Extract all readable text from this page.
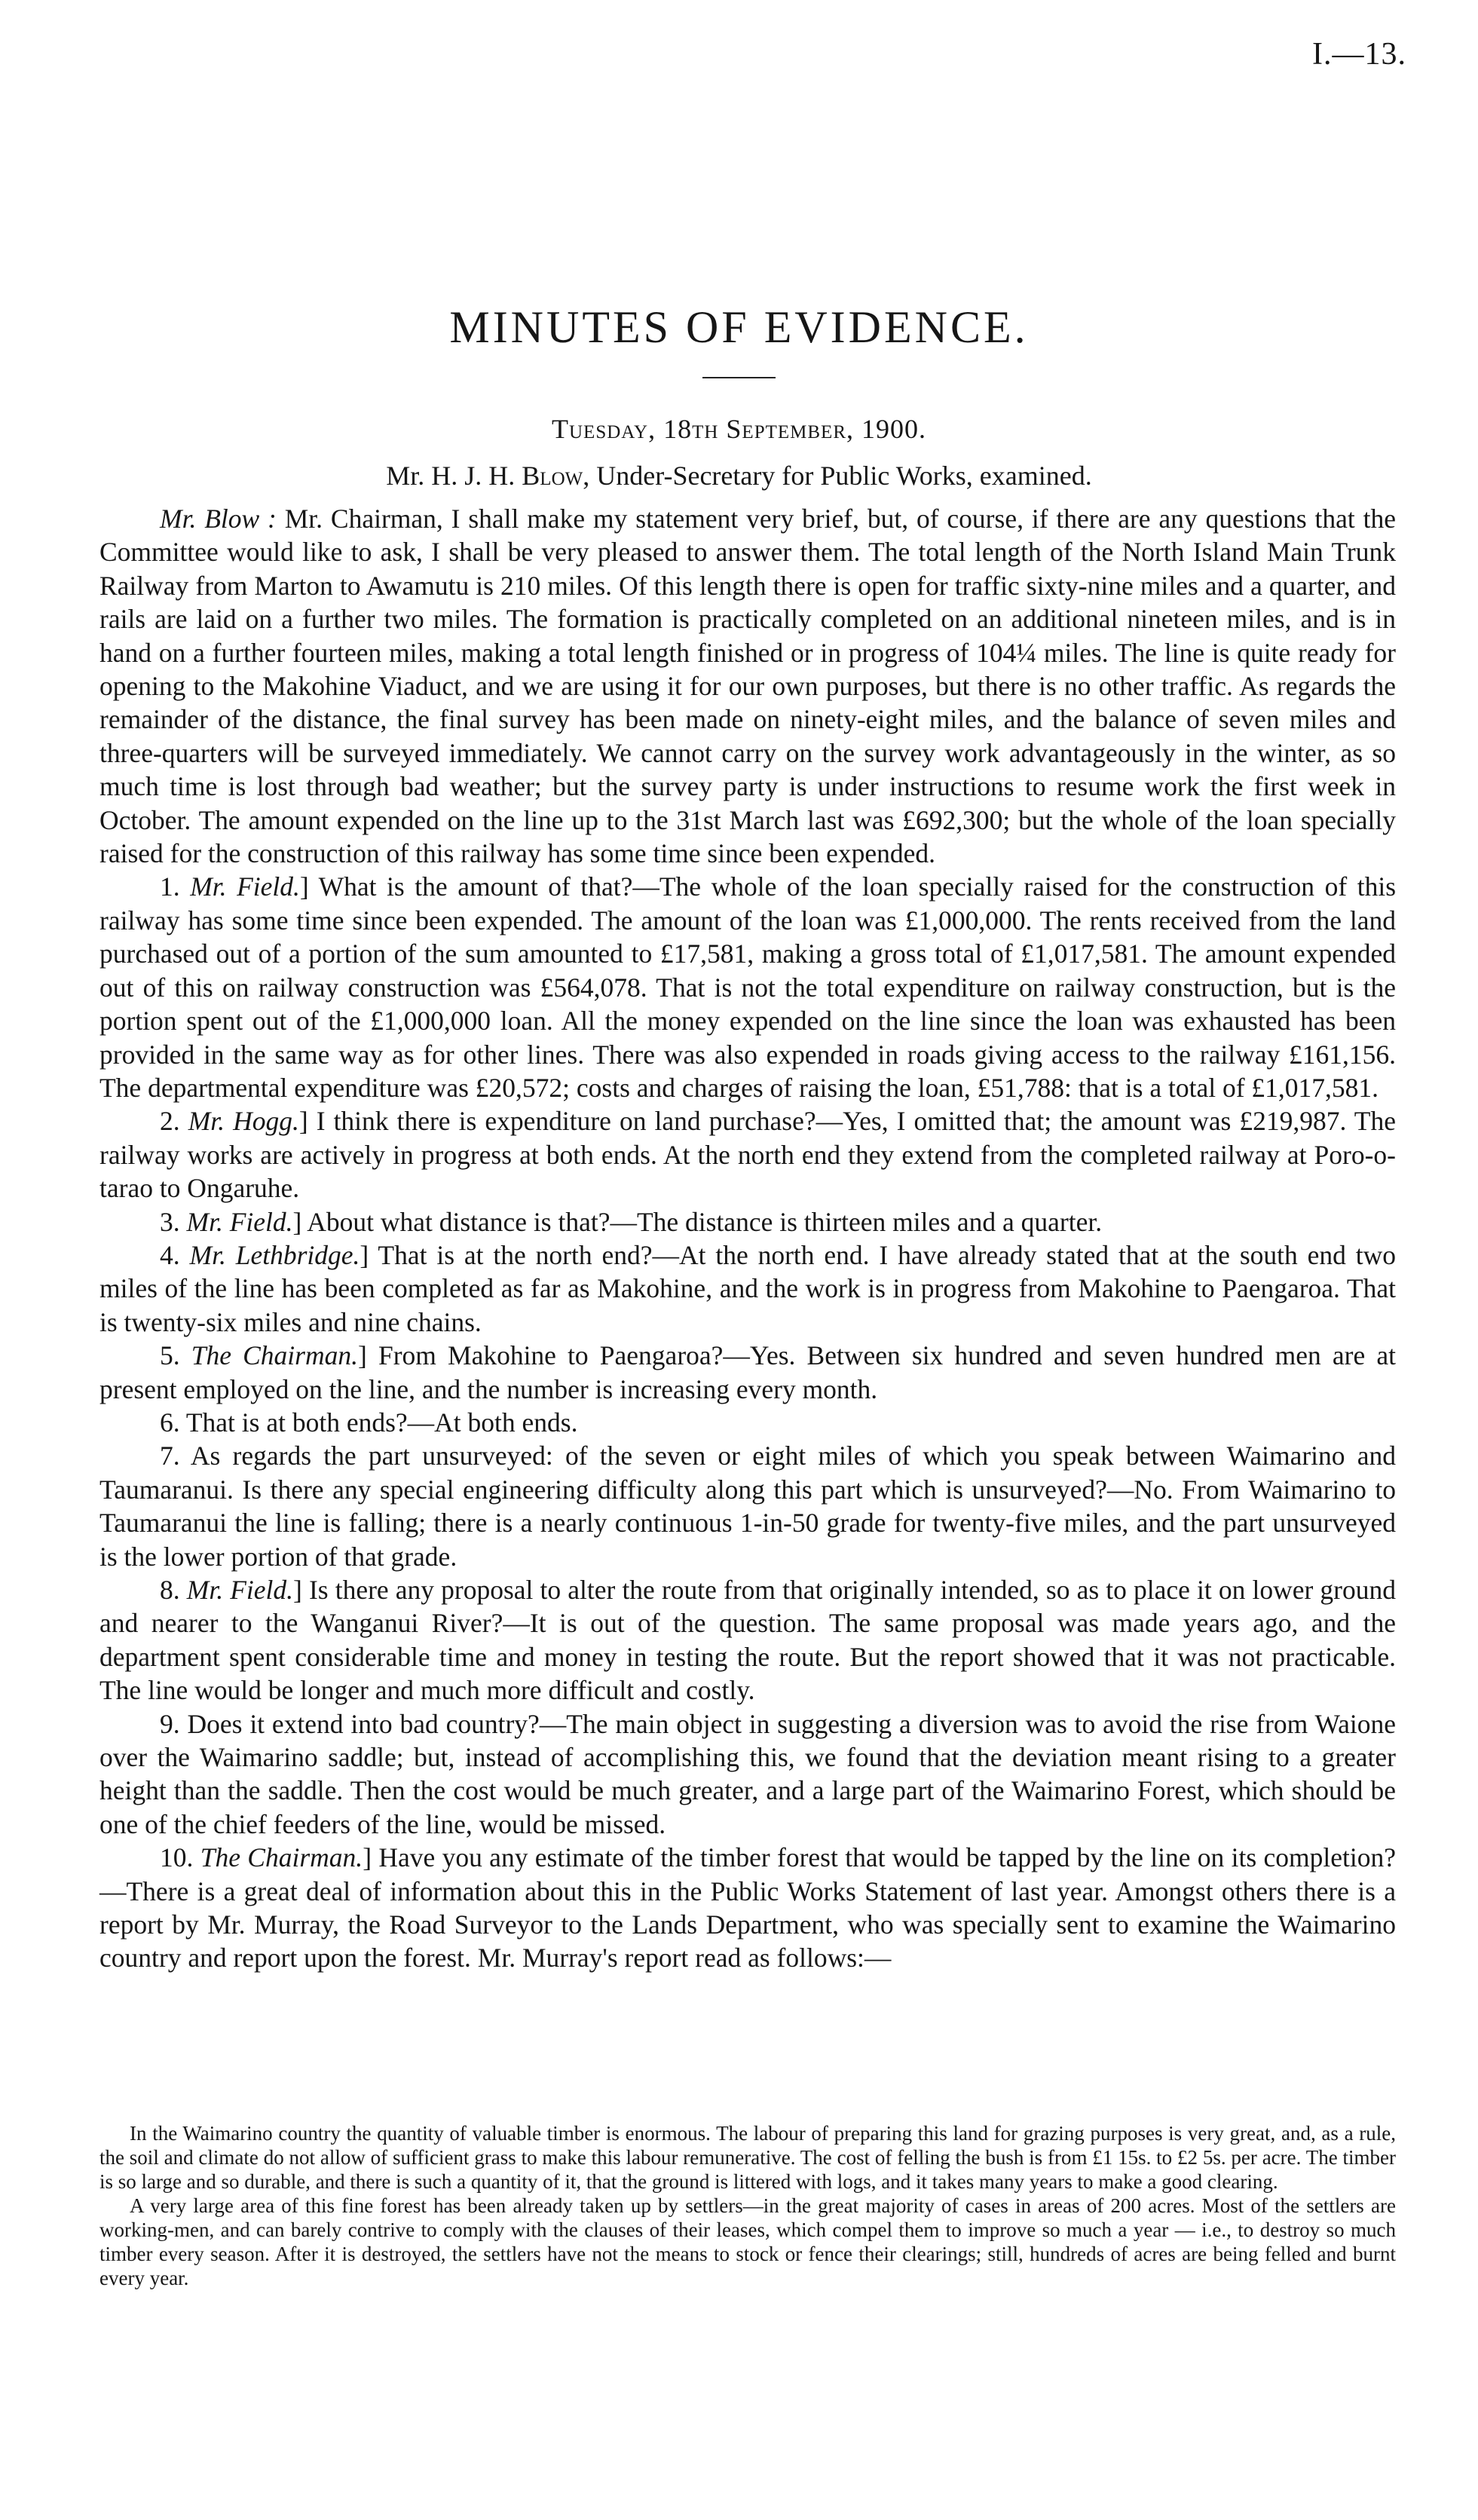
I.—13.
MINUTES OF EVIDENCE.
Tuesday, 18th September, 1900.
Mr. H. J. H. Blow, Under-Secretary for Public Works, examined.

Mr. Blow : Mr. Chairman, I shall make my statement very brief, but, of course, if there are any questions that the Committee would like to ask, I shall be very pleased to answer them. The total length of the North Island Main Trunk Railway from Marton to Awamutu is 210 miles. Of this length there is open for traffic sixty-nine miles and a quarter, and rails are laid on a further two miles. The formation is practically completed on an additional nineteen miles, and is in hand on a further fourteen miles, making a total length finished or in progress of 104¼ miles. The line is quite ready for opening to the Makohine Viaduct, and we are using it for our own purposes, but there is no other traffic. As regards the remainder of the distance, the final survey has been made on ninety-eight miles, and the balance of seven miles and three-quarters will be surveyed immediately. We cannot carry on the survey work advantageously in the winter, as so much time is lost through bad weather; but the survey party is under instructions to resume work the first week in October. The amount expended on the line up to the 31st March last was £692,300; but the whole of the loan specially raised for the construction of this railway has some time since been expended.

1. Mr. Field.] What is the amount of that?—The whole of the loan specially raised for the construction of this railway has some time since been expended. The amount of the loan was £1,000,000. The rents received from the land purchased out of a portion of the sum amounted to £17,581, making a gross total of £1,017,581. The amount expended out of this on railway construction was £564,078. That is not the total expenditure on railway construction, but is the portion spent out of the £1,000,000 loan. All the money expended on the line since the loan was exhausted has been provided in the same way as for other lines. There was also expended in roads giving access to the railway £161,156. The departmental expenditure was £20,572; costs and charges of raising the loan, £51,788: that is a total of £1,017,581.

2. Mr. Hogg.] I think there is expenditure on land purchase?—Yes, I omitted that; the amount was £219,987. The railway works are actively in progress at both ends. At the north end they extend from the completed railway at Poro-o-tarao to Ongaruhe.

3. Mr. Field.] About what distance is that?—The distance is thirteen miles and a quarter.

4. Mr. Lethbridge.] That is at the north end?—At the north end. I have already stated that at the south end two miles of the line has been completed as far as Makohine, and the work is in progress from Makohine to Paengaroa. That is twenty-six miles and nine chains.

5. The Chairman.] From Makohine to Paengaroa?—Yes. Between six hundred and seven hundred men are at present employed on the line, and the number is increasing every month.

6. That is at both ends?—At both ends.

7. As regards the part unsurveyed: of the seven or eight miles of which you speak between Waimarino and Taumaranui. Is there any special engineering difficulty along this part which is unsurveyed?—No. From Waimarino to Taumaranui the line is falling; there is a nearly continuous 1-in-50 grade for twenty-five miles, and the part unsurveyed is the lower portion of that grade.

8. Mr. Field.] Is there any proposal to alter the route from that originally intended, so as to place it on lower ground and nearer to the Wanganui River?—It is out of the question. The same proposal was made years ago, and the department spent considerable time and money in testing the route. But the report showed that it was not practicable. The line would be longer and much more difficult and costly.

9. Does it extend into bad country?—The main object in suggesting a diversion was to avoid the rise from Waione over the Waimarino saddle; but, instead of accomplishing this, we found that the deviation meant rising to a greater height than the saddle. Then the cost would be much greater, and a large part of the Waimarino Forest, which should be one of the chief feeders of the line, would be missed.

10. The Chairman.] Have you any estimate of the timber forest that would be tapped by the line on its completion?—There is a great deal of information about this in the Public Works Statement of last year. Amongst others there is a report by Mr. Murray, the Road Surveyor to the Lands Department, who was specially sent to examine the Waimarino country and report upon the forest. Mr. Murray's report read as follows:—

In the Waimarino country the quantity of valuable timber is enormous. The labour of preparing this land for grazing purposes is very great, and, as a rule, the soil and climate do not allow of sufficient grass to make this labour remunerative. The cost of felling the bush is from £1 15s. to £2 5s. per acre. The timber is so large and so durable, and there is such a quantity of it, that the ground is littered with logs, and it takes many years to make a good clearing.

A very large area of this fine forest has been already taken up by settlers—in the great majority of cases in areas of 200 acres. Most of the settlers are working-men, and can barely contrive to comply with the clauses of their leases, which compel them to improve so much a year — i.e., to destroy so much timber every season. After it is destroyed, the settlers have not the means to stock or fence their clearings; still, hundreds of acres are being felled and burnt every year.
